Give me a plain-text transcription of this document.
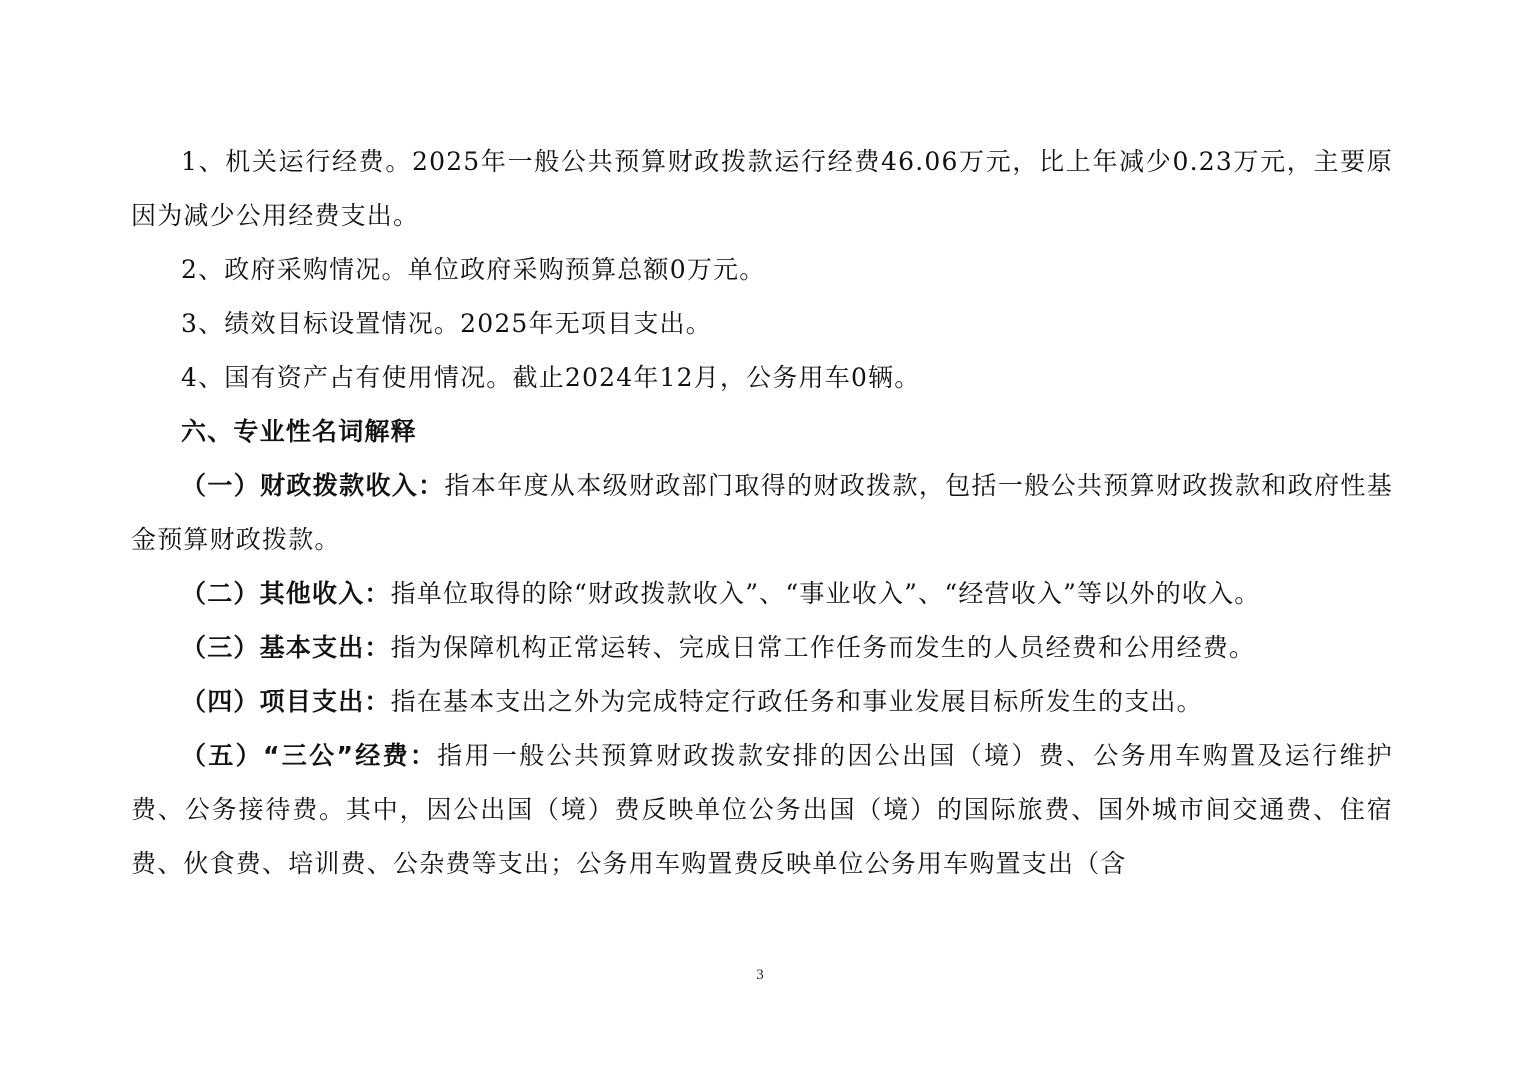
1、机关运行经费。2025年一般公共预算财政拨款运行经费46.06万元，比上年减少0.23万元，主要原因为减少公用经费支出。

2、政府采购情况。单位政府采购预算总额0万元。

3、绩效目标设置情况。2025年无项目支出。

4、国有资产占有使用情况。截止2024年12月，公务用车0辆。

六、专业性名词解释

（一）财政拨款收入：指本年度从本级财政部门取得的财政拨款，包括一般公共预算财政拨款和政府性基金预算财政拨款。

（二）其他收入：指单位取得的除“财政拨款收入”、“事业收入”、“经营收入”等以外的收入。

（三）基本支出：指为保障机构正常运转、完成日常工作任务而发生的人员经费和公用经费。

（四）项目支出：指在基本支出之外为完成特定行政任务和事业发展目标所发生的支出。

（五）“三公”经费：指用一般公共预算财政拨款安排的因公出国（境）费、公务用车购置及运行维护费、公务接待费。其中，因公出国（境）费反映单位公务出国（境）的国际旅费、国外城市间交通费、住宿费、伙食费、培训费、公杂费等支出；公务用车购置费反映单位公务用车购置支出（含

3
